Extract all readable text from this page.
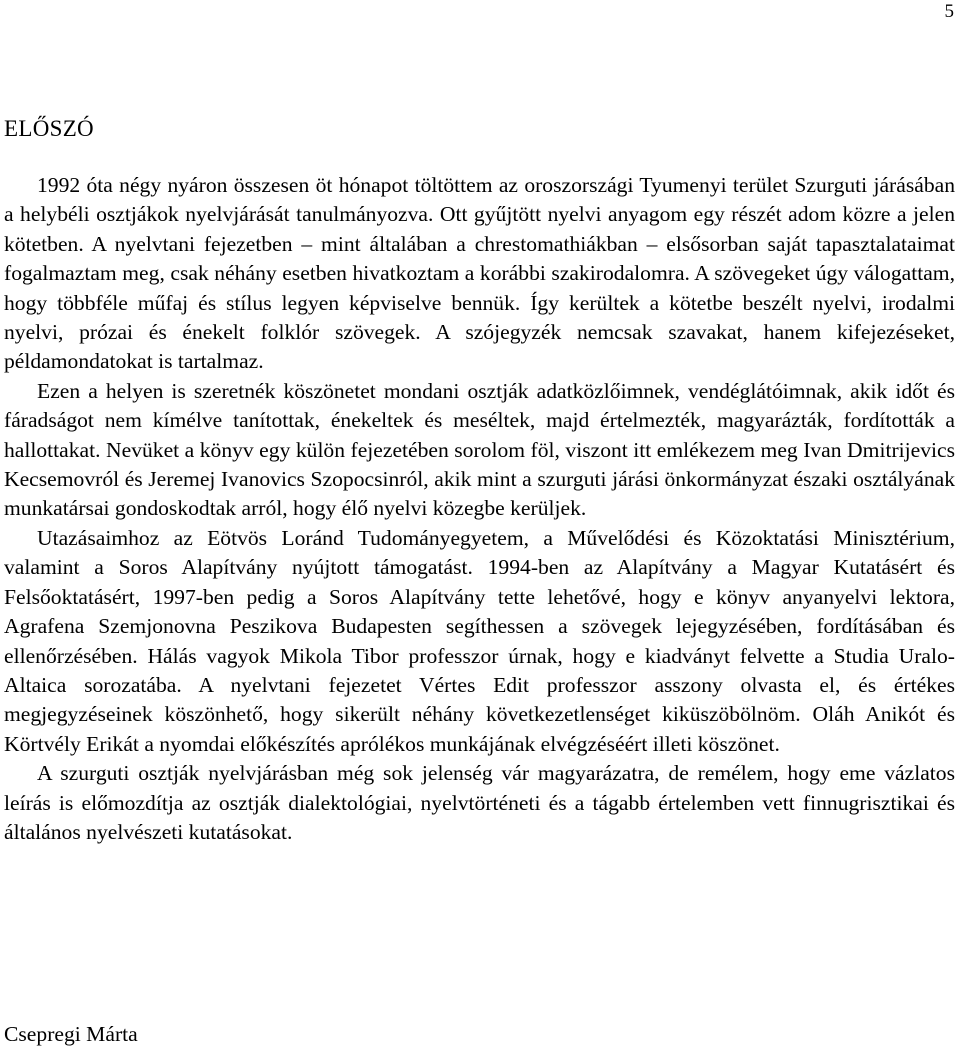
5
ELŐSZÓ

1992 óta négy nyáron összesen öt hónapot töltöttem az oroszországi Tyumenyi terület Szurguti járásában a helybéli osztjákok nyelvjárását tanulmányozva. Ott gyűjtött nyelvi anyagom egy részét adom közre a jelen kötetben. A nyelvtani fejezetben – mint általában a chrestomathiákban – elsősorban saját tapasztalataimat fogalmaztam meg, csak néhány esetben hivatkoztam a korábbi szakirodalomra. A szövegeket úgy válogattam, hogy többféle műfaj és stílus legyen képviselve bennük. Így kerültek a kötetbe beszélt nyelvi, irodalmi nyelvi, prózai és énekelt folklór szövegek. A szójegyzék nemcsak szavakat, hanem kifejezéseket, példamondatokat is tartalmaz.

Ezen a helyen is szeretnék köszönetet mondani osztják adatközlőimnek, vendéglátóimnak, akik időt és fáradságot nem kímélve tanítottak, énekeltek és meséltek, majd értelmezték, magyarázták, fordították a hallottakat. Nevüket a könyv egy külön fejezetében sorolom föl, viszont itt emlékezem meg Ivan Dmitrijevics Kecsemovról és Jeremej Ivanovics Szopocsinról, akik mint a szurguti járási önkormányzat északi osztályának munkatársai gondoskodtak arról, hogy élő nyelvi közegbe kerüljek.

Utazásaimhoz az Eötvös Loránd Tudományegyetem, a Művelődési és Közoktatási Minisztérium, valamint a Soros Alapítvány nyújtott támogatást. 1994-ben az Alapítvány a Magyar Kutatásért és Felsőoktatásért, 1997-ben pedig a Soros Alapítvány tette lehetővé, hogy e könyv anyanyelvi lektora, Agrafena Szemjonovna Peszikova Budapesten segíthessen a szövegek lejegyzésében, fordításában és ellenőrzésében. Hálás vagyok Mikola Tibor professzor úrnak, hogy e kiadványt felvette a Studia Uralo-Altaica sorozatába. A nyelvtani fejezetet Vértes Edit professzor asszony olvasta el, és értékes megjegyzéseinek köszönhető, hogy sikerült néhány következetlenséget kiküszöbölnöm. Oláh Anikót és Körtvély Erikát a nyomdai előkészítés aprólékos munkájának elvégzéséért illeti köszönet.

A szurguti osztják nyelvjárásban még sok jelenség vár magyarázatra, de remélem, hogy eme vázlatos leírás is előmozdítja az osztják dialektológiai, nyelvtörténeti és a tágabb értelemben vett finnugrisztikai és általános nyelvészeti kutatásokat.

Csepregi Márta
